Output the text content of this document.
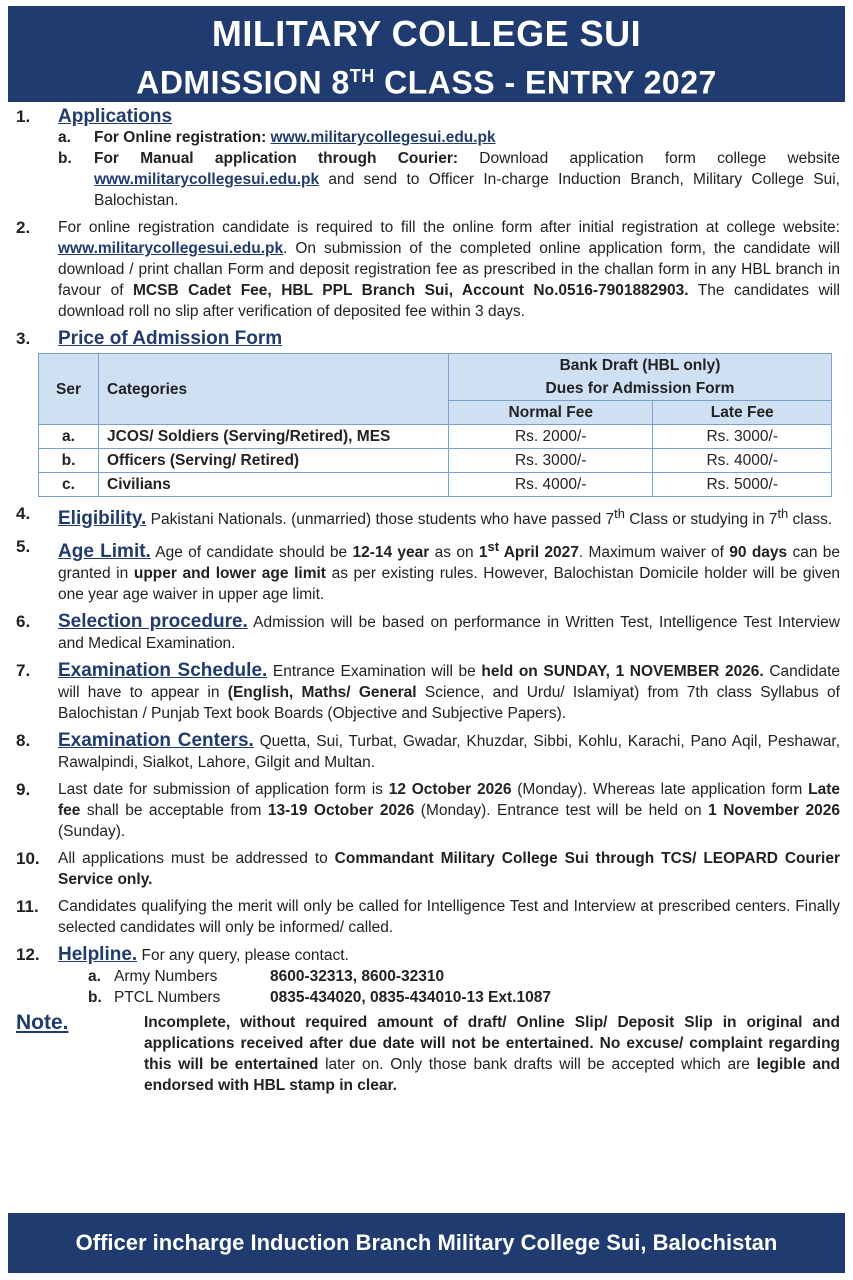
MILITARY COLLEGE SUI
ADMISSION 8TH CLASS - ENTRY 2027
1.	Applications
a.	For Online registration: www.militarycollegesui.edu.pk
b.	For Manual application through Courier: Download application form college website www.militarycollegesui.edu.pk and send to Officer In-charge Induction Branch, Military College Sui, Balochistan.
2.	For online registration candidate is required to fill the online form after initial registration at college website: www.militarycollegesui.edu.pk. On submission of the completed online application form, the candidate will download / print challan Form and deposit registration fee as prescribed in the challan form in any HBL branch in favour of MCSB Cadet Fee, HBL PPL Branch Sui, Account No.0516-7901882903. The candidates will download roll no slip after verification of deposited fee within 3 days.
3.	Price of Admission Form
Ser	Categories	Bank Draft (HBL only)	
		Dues for Admission Form	
		Normal Fee	Late Fee
a.	JCOS/ Soldiers (Serving/Retired), MES	Rs. 2000/-	Rs. 3000/-
b.	Officers (Serving/ Retired)	Rs. 3000/-	Rs. 4000/-
c.	Civilians	Rs. 4000/-	Rs. 5000/-
4.	Eligibility. Pakistani Nationals. (unmarried) those students who have passed 7th Class or studying in 7th class.
5.	Age Limit. Age of candidate should be 12-14 year as on 1st April 2027. Maximum waiver of 90 days can be granted in upper and lower age limit as per existing rules. However, Balochistan Domicile holder will be given one year age waiver in upper age limit.
6.	Selection procedure. Admission will be based on performance in Written Test, Intelligence Test Interview and Medical Examination.
7.	Examination Schedule. Entrance Examination will be held on SUNDAY, 1 NOVEMBER 2026. Candidate will have to appear in (English, Maths/ General Science, and Urdu/ Islamiyat) from 7th class Syllabus of Balochistan / Punjab Text book Boards (Objective and Subjective Papers).
8.	Examination Centers. Quetta, Sui, Turbat, Gwadar, Khuzdar, Sibbi, Kohlu, Karachi, Pano Aqil, Peshawar, Rawalpindi, Sialkot, Lahore, Gilgit and Multan.
9.	Last date for submission of application form is 12 October 2026 (Monday). Whereas late application form Late fee shall be acceptable from 13-19 October 2026 (Monday). Entrance test will be held on 1 November 2026 (Sunday).
10.	All applications must be addressed to Commandant Military College Sui through TCS/ LEOPARD Courier Service only.
11.	Candidates qualifying the merit will only be called for Intelligence Test and Interview at prescribed centers. Finally selected candidates will only be informed/ called.
12. Helpline. For any query, please contact.
a. Army Numbers	8600-32313, 8600-32310
b. PTCL Numbers	0835-434020, 0835-434010-13 Ext.1087
Note.	Incomplete, without required amount of draft/ Online Slip/ Deposit Slip in original and applications received after due date will not be entertained. No excuse/ complaint regarding this will be entertained later on. Only those bank drafts will be accepted which are legible and endorsed with HBL stamp in clear.
Officer incharge Induction Branch Military College Sui, Balochistan
